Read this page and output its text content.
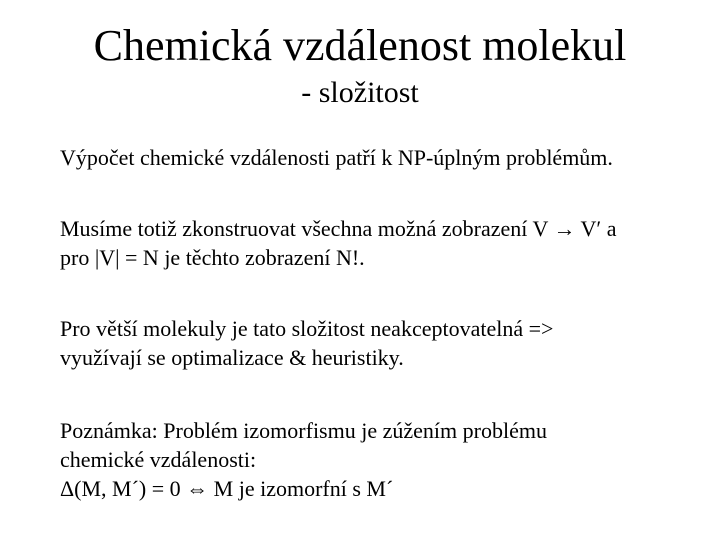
Chemická vzdálenost molekul
- složitost
Výpočet chemické vzdálenosti patří k NP-úplným problémům.
Musíme totiž zkonstruovat všechna možná zobrazení V → V′ a
pro |V| = N je těchto zobrazení N!.
Pro větší molekuly je tato složitost neakceptovatelná =>
využívají se optimalizace & heuristiky.
Poznámka: Problém izomorfismu je zúžením problému
chemické vzdálenosti:
Δ(M, M´) = 0 ⇔ M je izomorfní s M´
